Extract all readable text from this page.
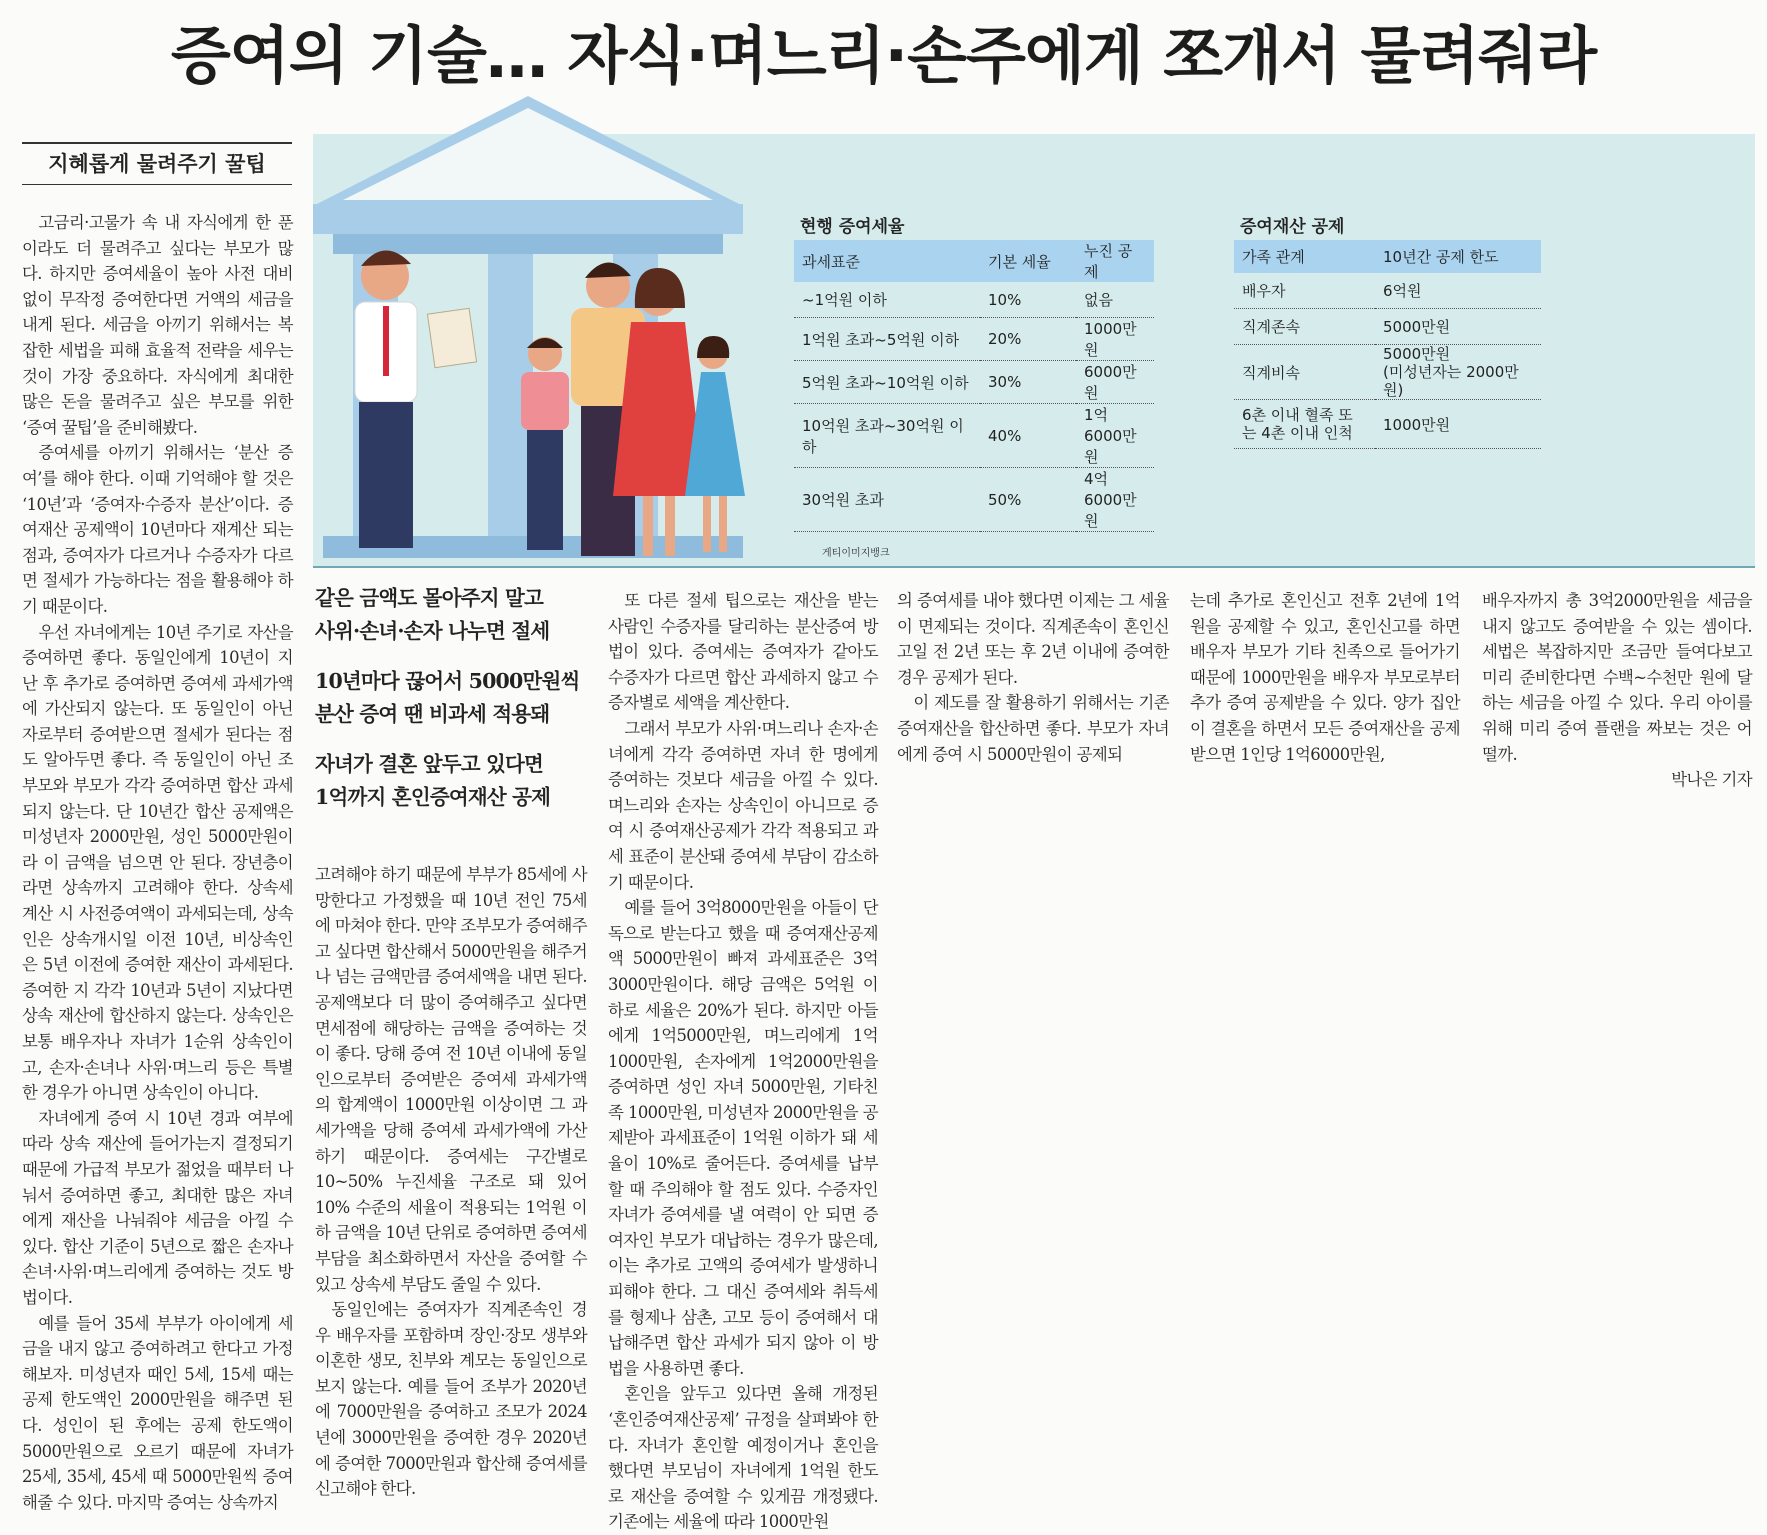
증여의 기술… 자식·며느리·손주에게 쪼개서 물려줘라
지혜롭게 물려주기 꿀팁
현행 증여세율
과세표준	기본 세율	누진 공제
~1억원 이하	10%	없음
1억원 초과~5억원 이하	20%	1000만원
5억원 초과~10억원 이하	30%	6000만원
10억원 초과~30억원 이하	40%	1억6000만원
30억원 초과	50%	4억6000만원
증여재산 공제
가족 관계	10년간 공제 한도
배우자	6억원
직계존속	5000만원
직계비속	5000만원
(미성년자는 2000만원)
6촌 이내 혈족 또는 4촌 이내 인척	1000만원
게티이미지뱅크
같은 금액도 몰아주지 말고
사위·손녀·손자 나누면 절세
10년마다 끊어서 5000만원씩
분산 증여 땐 비과세 적용돼
자녀가 결혼 앞두고 있다면
1억까지 혼인증여재산 공제

고금리·고물가 속 내 자식에게 한 푼이라도 더 물려주고 싶다는 부모가 많다. 하지만 증여세율이 높아 사전 대비 없이 무작정 증여한다면 거액의 세금을 내게 된다. 세금을 아끼기 위해서는 복잡한 세법을 피해 효율적 전략을 세우는 것이 가장 중요하다. 자식에게 최대한 많은 돈을 물려주고 싶은 부모를 위한 ‘증여 꿀팁’을 준비해봤다.

증여세를 아끼기 위해서는 ‘분산 증여’를 해야 한다. 이때 기억해야 할 것은 ‘10년’과 ‘증여자·수증자 분산’이다. 증여재산 공제액이 10년마다 재계산 되는 점과, 증여자가 다르거나 수증자가 다르면 절세가 가능하다는 점을 활용해야 하기 때문이다.

우선 자녀에게는 10년 주기로 자산을 증여하면 좋다. 동일인에게 10년이 지난 후 추가로 증여하면 증여세 과세가액에 가산되지 않는다. 또 동일인이 아닌 자로부터 증여받으면 절세가 된다는 점도 알아두면 좋다. 즉 동일인이 아닌 조부모와 부모가 각각 증여하면 합산 과세되지 않는다. 단 10년간 합산 공제액은 미성년자 2000만원, 성인 5000만원이라 이 금액을 넘으면 안 된다. 장년층이라면 상속까지 고려해야 한다. 상속세 계산 시 사전증여액이 과세되는데, 상속인은 상속개시일 이전 10년, 비상속인은 5년 이전에 증여한 재산이 과세된다. 증여한 지 각각 10년과 5년이 지났다면 상속 재산에 합산하지 않는다. 상속인은 보통 배우자나 자녀가 1순위 상속인이고, 손자·손녀나 사위·며느리 등은 특별한 경우가 아니면 상속인이 아니다.

자녀에게 증여 시 10년 경과 여부에 따라 상속 재산에 들어가는지 결정되기 때문에 가급적 부모가 젊었을 때부터 나눠서 증여하면 좋고, 최대한 많은 자녀에게 재산을 나눠줘야 세금을 아낄 수 있다. 합산 기준이 5년으로 짧은 손자나 손녀·사위·며느리에게 증여하는 것도 방법이다.

예를 들어 35세 부부가 아이에게 세금을 내지 않고 증여하려고 한다고 가정해보자. 미성년자 때인 5세, 15세 때는 공제 한도액인 2000만원을 해주면 된다. 성인이 된 후에는 공제 한도액이 5000만원으로 오르기 때문에 자녀가 25세, 35세, 45세 때 5000만원씩 증여해줄 수 있다. 마지막 증여는 상속까지

고려해야 하기 때문에 부부가 85세에 사망한다고 가정했을 때 10년 전인 75세에 마쳐야 한다. 만약 조부모가 증여해주고 싶다면 합산해서 5000만원을 해주거나 넘는 금액만큼 증여세액을 내면 된다. 공제액보다 더 많이 증여해주고 싶다면 면세점에 해당하는 금액을 증여하는 것이 좋다. 당해 증여 전 10년 이내에 동일인으로부터 증여받은 증여세 과세가액의 합계액이 1000만원 이상이면 그 과세가액을 당해 증여세 과세가액에 가산하기 때문이다. 증여세는 구간별로 10~50% 누진세율 구조로 돼 있어 10% 수준의 세율이 적용되는 1억원 이하 금액을 10년 단위로 증여하면 증여세 부담을 최소화하면서 자산을 증여할 수 있고 상속세 부담도 줄일 수 있다.

동일인에는 증여자가 직계존속인 경우 배우자를 포함하며 장인·장모 생부와 이혼한 생모, 친부와 계모는 동일인으로 보지 않는다. 예를 들어 조부가 2020년에 7000만원을 증여하고 조모가 2024년에 3000만원을 증여한 경우 2020년에 증여한 7000만원과 합산해 증여세를 신고해야 한다.

또 다른 절세 팁으로는 재산을 받는 사람인 수증자를 달리하는 분산증여 방법이 있다. 증여세는 증여자가 같아도 수증자가 다르면 합산 과세하지 않고 수증자별로 세액을 계산한다.

그래서 부모가 사위·며느리나 손자·손녀에게 각각 증여하면 자녀 한 명에게 증여하는 것보다 세금을 아낄 수 있다. 며느리와 손자는 상속인이 아니므로 증여 시 증여재산공제가 각각 적용되고 과세 표준이 분산돼 증여세 부담이 감소하기 때문이다.

예를 들어 3억8000만원을 아들이 단독으로 받는다고 했을 때 증여재산공제액 5000만원이 빠져 과세표준은 3억3000만원이다. 해당 금액은 5억원 이하로 세율은 20%가 된다. 하지만 아들에게 1억5000만원, 며느리에게 1억1000만원, 손자에게 1억2000만원을 증여하면 성인 자녀 5000만원, 기타친족 1000만원, 미성년자 2000만원을 공제받아 과세표준이 1억원 이하가 돼 세율이 10%로 줄어든다. 증여세를 납부할 때 주의해야 할 점도 있다. 수증자인 자녀가 증여세를 낼 여력이 안 되면 증여자인 부모가 대납하는 경우가 많은데, 이는 추가로 고액의 증여세가 발생하니 피해야 한다. 그 대신 증여세와 취득세를 형제나 삼촌, 고모 등이 증여해서 대납해주면 합산 과세가 되지 않아 이 방법을 사용하면 좋다.

혼인을 앞두고 있다면 올해 개정된 ‘혼인증여재산공제’ 규정을 살펴봐야 한다. 자녀가 혼인할 예정이거나 혼인을 했다면 부모님이 자녀에게 1억원 한도로 재산을 증여할 수 있게끔 개정됐다. 기존에는 세율에 따라 1000만원

의 증여세를 내야 했다면 이제는 그 세율이 면제되는 것이다. 직계존속이 혼인신고일 전 2년 또는 후 2년 이내에 증여한 경우 공제가 된다.

이 제도를 잘 활용하기 위해서는 기존 증여재산을 합산하면 좋다. 부모가 자녀에게 증여 시 5000만원이 공제되

는데 추가로 혼인신고 전후 2년에 1억원을 공제할 수 있고, 혼인신고를 하면 배우자 부모가 기타 친족으로 들어가기 때문에 1000만원을 배우자 부모로부터 추가 증여 공제받을 수 있다. 양가 집안이 결혼을 하면서 모든 증여재산을 공제받으면 1인당 1억6000만원,

배우자까지 총 3억2000만원을 세금을 내지 않고도 증여받을 수 있는 셈이다. 세법은 복잡하지만 조금만 들여다보고 미리 준비한다면 수백~수천만 원에 달하는 세금을 아낄 수 있다. 우리 아이를 위해 미리 증여 플랜을 짜보는 것은 어떨까.

박나은 기자
